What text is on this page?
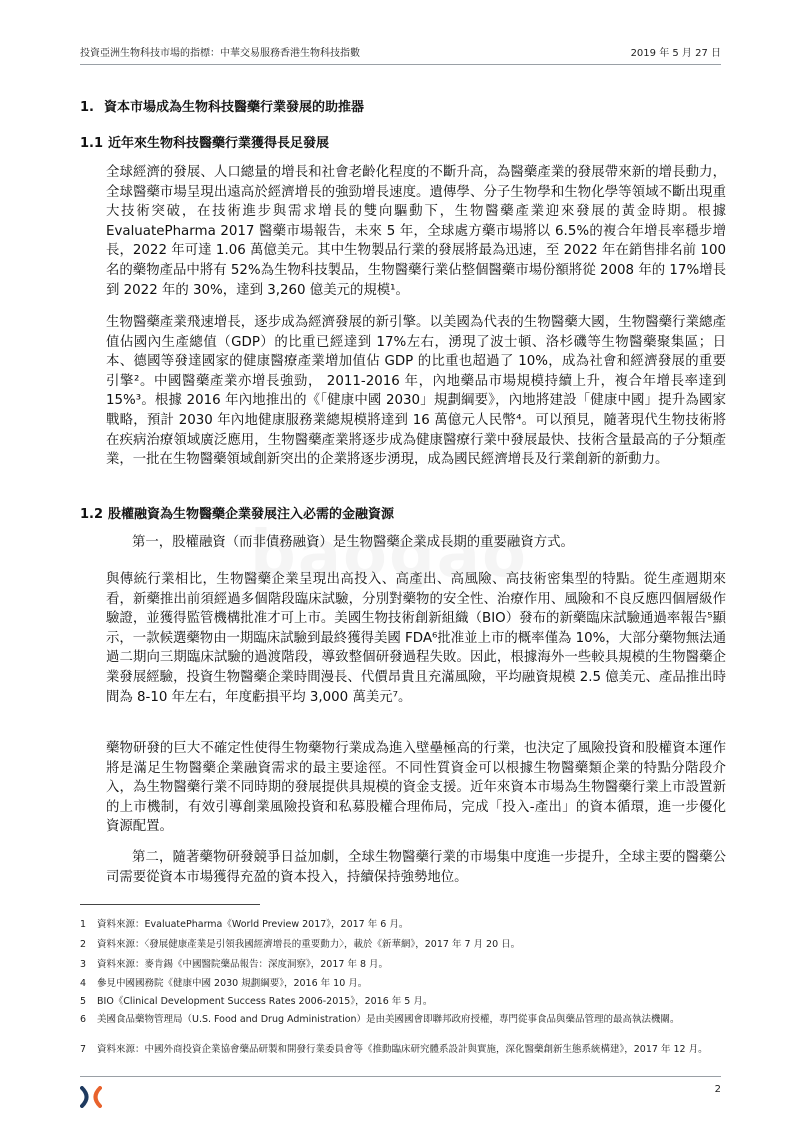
投資亞洲生物科技市場的指標：中華交易服務香港生物科技指數	2019 年 5 月 27 日
1. 資本市場成為生物科技醫藥行業發展的助推器
1.1 近年來生物科技醫藥行業獲得長足發展

全球經濟的發展、人口總量的增長和社會老齡化程度的不斷升高，為醫藥產業的發展帶來新的增長動力，全球醫藥市場呈現出遠高於經濟增長的強勁增長速度。遺傳學、分子生物學和生物化學等領域不斷出現重大技術突破，在技術進步與需求增長的雙向驅動下，生物醫藥產業迎來發展的黃金時期。根據 EvaluatePharma 2017 醫藥市場報告，未來 5 年，全球處方藥市場將以 6.5%的複合年增長率穩步增長，2022 年可達 1.06 萬億美元。其中生物製品行業的發展將最為迅速，至 2022 年在銷售排名前 100 名的藥物產品中將有 52%為生物科技製品，生物醫藥行業佔整個醫藥市場份額將從 2008 年的 17%增長到 2022 年的 30%，達到 3,260 億美元的規模¹。

生物醫藥產業飛速增長，逐步成為經濟發展的新引擎。以美國為代表的生物醫藥大國，生物醫藥行業總產值佔國內生產總值（GDP）的比重已經達到 17%左右，湧現了波士頓、洛杉磯等生物醫藥聚集區；日本、德國等發達國家的健康醫療產業增加值佔 GDP 的比重也超過了 10%，成為社會和經濟發展的重要引擎²。中國醫藥產業亦增長強勁， 2011-2016 年，內地藥品市場規模持續上升，複合年增長率達到 15%³。根據 2016 年內地推出的《「健康中國 2030」規劃綱要》，內地將建設「健康中國」提升為國家戰略，預計 2030 年內地健康服務業總規模將達到 16 萬億元人民幣⁴。可以預見，隨著現代生物技術將在疾病治療領域廣泛應用，生物醫藥產業將逐步成為健康醫療行業中發展最快、技術含量最高的子分類產業，一批在生物醫藥領域創新突出的企業將逐步湧現，成為國民經濟增長及行業創新的新動力。

1.2 股權融資為生物醫藥企業發展注入必需的金融資源

第一，股權融資（而非債務融資）是生物醫藥企業成長期的重要融資方式。

與傳統行業相比，生物醫藥企業呈現出高投入、高產出、高風險、高技術密集型的特點。從生產週期來看，新藥推出前須經過多個階段臨床試驗，分別對藥物的安全性、治療作用、風險和不良反應四個層級作驗證，並獲得監管機構批准才可上市。美國生物技術創新組織（BIO）發布的新藥臨床試驗通過率報告⁵顯示，一款候選藥物由一期臨床試驗到最終獲得美國 FDA⁶批准並上市的概率僅為 10%，大部分藥物無法通過二期向三期臨床試驗的過渡階段，導致整個研發過程失敗。因此，根據海外一些較具規模的生物醫藥企業發展經驗，投資生物醫藥企業時間漫長、代價昂貴且充滿風險，平均融資規模 2.5 億美元、產品推出時間為 8-10 年左右，年度虧損平均 3,000 萬美元⁷。

藥物研發的巨大不確定性使得生物藥物行業成為進入壁壘極高的行業，也決定了風險投資和股權資本運作將是滿足生物醫藥企業融資需求的最主要途徑。不同性質資金可以根據生物醫藥類企業的特點分階段介入，為生物醫藥行業不同時期的發展提供具規模的資金支援。近年來資本市場為生物醫藥行業上市設置新的上市機制，有效引導創業風險投資和私募股權合理佈局，完成「投入-產出」的資本循環，進一步優化資源配置。

第二，隨著藥物研發競爭日益加劇，全球生物醫藥行業的市場集中度進一步提升，全球主要的醫藥公司需要從資本市場獲得充盈的資本投入，持續保持強勢地位。

1 資料來源：EvaluatePharma《World Preview 2017》，2017 年 6 月。
2 資料來源：〈發展健康產業是引領我國經濟增長的重要動力〉，載於《新華網》，2017 年 7 月 20 日。
3 資料來源：麥肯錫《中國醫院藥品報告：深度洞察》，2017 年 8 月。
4 參見中國國務院《健康中國 2030 規劃綱要》，2016 年 10 月。
5 BIO《Clinical Development Success Rates 2006-2015》，2016 年 5 月。
6 美國食品藥物管理局（U.S. Food and Drug Administration）是由美國國會即聯邦政府授權，專門從事食品與藥品管理的最高執法機關。
7 資料來源：中國外商投資企業協會藥品研製和開發行業委員會等《推動臨床研究體系設計與實施，深化醫藥創新生態系統構建》，2017 年 12 月。
2
